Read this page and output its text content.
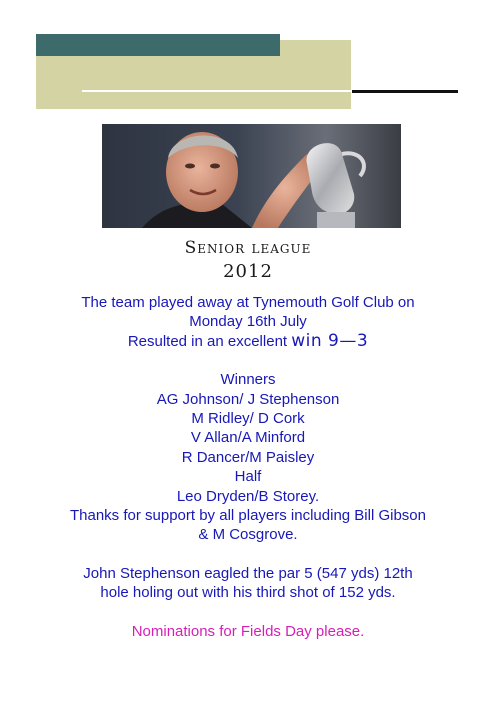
Senior league
2012
The team played away at Tynemouth Golf Club on
Monday 16th July
Resulted in an excellent win 9—3
Winners
AG Johnson/ J Stephenson
M Ridley/ D Cork
V Allan/A Minford
R Dancer/M Paisley
Half
Leo Dryden/B Storey.
Thanks for support by all players including Bill Gibson
& M Cosgrove.
John Stephenson eagled the par 5 (547 yds) 12th
hole holing out with his third shot of 152 yds.
Nominations for Fields Day please.
